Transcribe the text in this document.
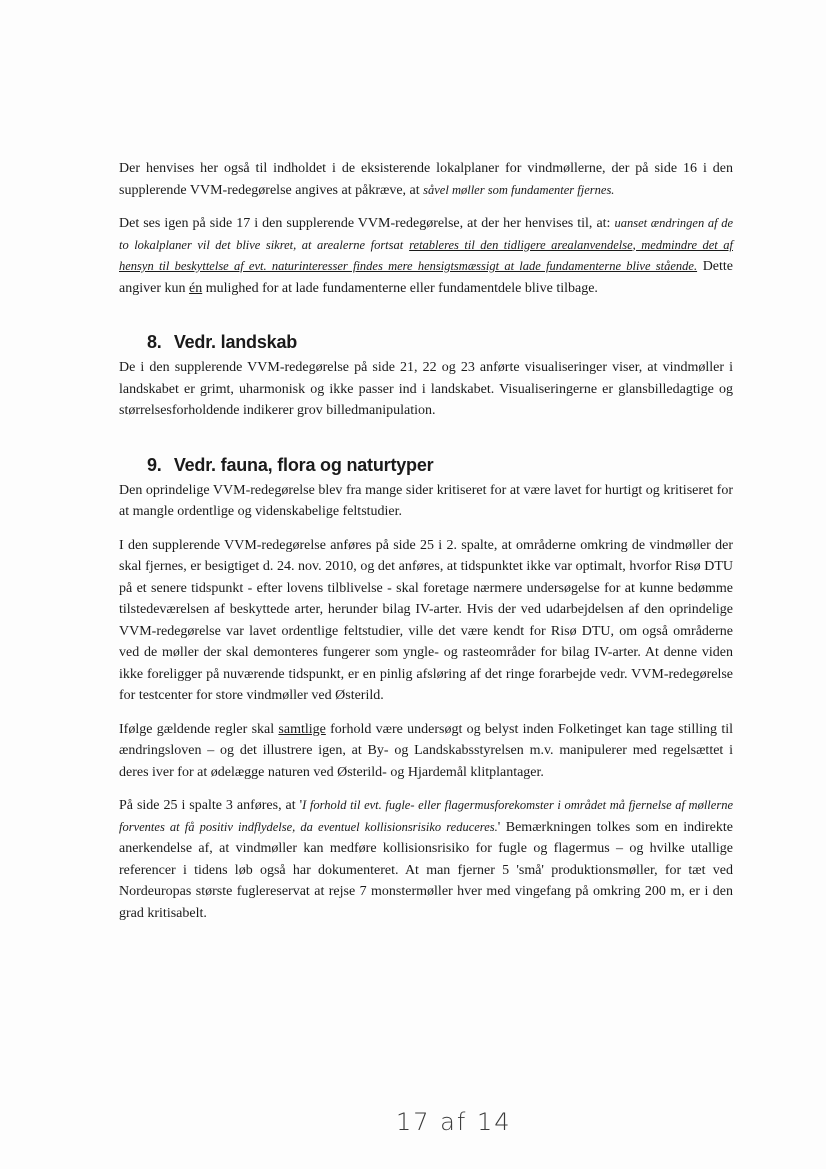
Der henvises her også til indholdet i de eksisterende lokalplaner for vindmøllerne, der på side 16 i den supplerende VVM-redegørelse angives at påkræve, at såvel møller som fundamenter fjernes.

Det ses igen på side 17 i den supplerende VVM-redegørelse, at der her henvises til, at: uanset ændringen af de to lokalplaner vil det blive sikret, at arealerne fortsat retableres til den tidligere arealanvendelse, medmindre det af hensyn til beskyttelse af evt. naturinteresser findes mere hensigtsmæssigt at lade fundamenterne blive stående. Dette angiver kun én mulighed for at lade fundamenterne eller fundamentdele blive tilbage.

8. Vedr. landskab

De i den supplerende VVM-redegørelse på side 21, 22 og 23 anførte visualiseringer viser, at vindmøller i landskabet er grimt, uharmonisk og ikke passer ind i landskabet. Visualiseringerne er glansbilledagtige og størrelsesforholdende indikerer grov billedmanipulation.

9. Vedr. fauna, flora og naturtyper

Den oprindelige VVM-redegørelse blev fra mange sider kritiseret for at være lavet for hurtigt og kritiseret for at mangle ordentlige og videnskabelige feltstudier.

I den supplerende VVM-redegørelse anføres på side 25 i 2. spalte, at områderne omkring de vindmøller der skal fjernes, er besigtiget d. 24. nov. 2010, og det anføres, at tidspunktet ikke var optimalt, hvorfor Risø DTU på et senere tidspunkt - efter lovens tilblivelse - skal foretage nærmere undersøgelse for at kunne bedømme tilstedeværelsen af beskyttede arter, herunder bilag IV-arter. Hvis der ved udarbejdelsen af den oprindelige VVM-redegørelse var lavet ordentlige feltstudier, ville det være kendt for Risø DTU, om også områderne ved de møller der skal demonteres fungerer som yngle- og rasteområder for bilag IV-arter. At denne viden ikke foreligger på nuværende tidspunkt, er en pinlig afsløring af det ringe forarbejde vedr. VVM-redegørelse for testcenter for store vindmøller ved Østerild.

Ifølge gældende regler skal samtlige forhold være undersøgt og belyst inden Folketinget kan tage stilling til ændringsloven – og det illustrere igen, at By- og Landskabsstyrelsen m.v. manipulerer med regelsættet i deres iver for at ødelægge naturen ved Østerild- og Hjardemål klitplantager.

På side 25 i spalte 3 anføres, at 'I forhold til evt. fugle- eller flagermusforekomster i området må fjernelse af møllerne forventes at få positiv indflydelse, da eventuel kollisionsrisiko reduceres.' Bemærkningen tolkes som en indirekte anerkendelse af, at vindmøller kan medføre kollisionsrisiko for fugle og flagermus – og hvilke utallige referencer i tidens løb også har dokumenteret. At man fjerner 5 'små' produktionsmøller, for tæt ved Nordeuropas største fuglereservat at rejse 7 monstermøller hver med vingefang på omkring 200 m, er i den grad kritisabelt.

17 af 14
